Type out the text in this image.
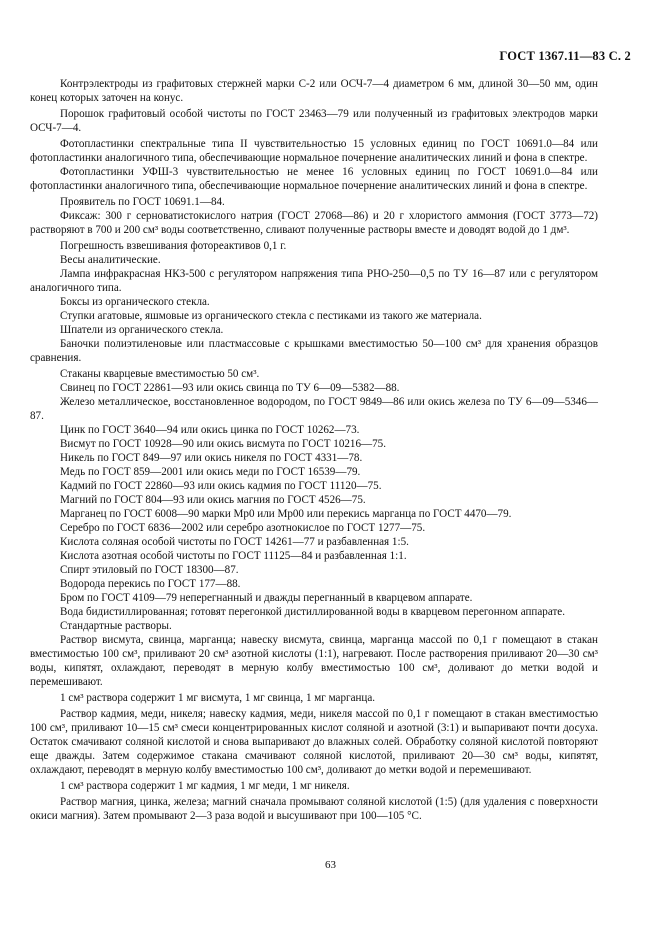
ГОСТ 1367.11—83 С. 2

Контрэлектроды из графитовых стержней марки С-2 или ОСЧ-7—4 диаметром 6 мм, длиной 30—50 мм, один конец которых заточен на конус.

Порошок графитовый особой чистоты по ГОСТ 23463—79 или полученный из графитовых электродов марки ОСЧ-7—4.

Фотопластинки спектральные типа II чувствительностью 15 условных единиц по ГОСТ 10691.0—84 или фотопластинки аналогичного типа, обеспечивающие нормальное почернение аналитических линий и фона в спектре.

Фотопластинки УФШ-3 чувствительностью не менее 16 условных единиц по ГОСТ 10691.0—84 или фотопластинки аналогичного типа, обеспечивающие нормальное почернение аналитических линий и фона в спектре.

Проявитель по ГОСТ 10691.1—84.

Фиксаж: 300 г серноватистокислого натрия (ГОСТ 27068—86) и 20 г хлористого аммония (ГОСТ 3773—72) растворяют в 700 и 200 см³ воды соответственно, сливают полученные растворы вместе и доводят водой до 1 дм³.

Погрешность взвешивания фотореактивов 0,1 г.

Весы аналитические.

Лампа инфракрасная НКЗ-500 с регулятором напряжения типа РНО-250—0,5 по ТУ 16—87 или с регулятором аналогичного типа.

Боксы из органического стекла.

Ступки агатовые, яшмовые из органического стекла с пестиками из такого же материала.

Шпатели из органического стекла.

Баночки полиэтиленовые или пластмассовые с крышками вместимостью 50—100 см³ для хранения образцов сравнения.

Стаканы кварцевые вместимостью 50 см³.

Свинец по ГОСТ 22861—93 или окись свинца по ТУ 6—09—5382—88.

Железо металлическое, восстановленное водородом, по ГОСТ 9849—86 или окись железа по ТУ 6—09—5346—87.

Цинк по ГОСТ 3640—94 или окись цинка по ГОСТ 10262—73.

Висмут по ГОСТ 10928—90 или окись висмута по ГОСТ 10216—75.

Никель по ГОСТ 849—97 или окись никеля по ГОСТ 4331—78.

Медь по ГОСТ 859—2001 или окись меди по ГОСТ 16539—79.

Кадмий по ГОСТ 22860—93 или окись кадмия по ГОСТ 11120—75.

Магний по ГОСТ 804—93 или окись магния по ГОСТ 4526—75.

Марганец по ГОСТ 6008—90 марки Мр0 или Мр00 или перекись марганца по ГОСТ 4470—79.

Серебро по ГОСТ 6836—2002 или серебро азотнокислое по ГОСТ 1277—75.

Кислота соляная особой чистоты по ГОСТ 14261—77 и разбавленная 1:5.

Кислота азотная особой чистоты по ГОСТ 11125—84 и разбавленная 1:1.

Спирт этиловый по ГОСТ 18300—87.

Водорода перекись по ГОСТ 177—88.

Бром по ГОСТ 4109—79 неперегнанный и дважды перегнанный в кварцевом аппарате.

Вода бидистиллированная; готовят перегонкой дистиллированной воды в кварцевом перегонном аппарате.

Стандартные растворы.

Раствор висмута, свинца, марганца; навеску висмута, свинца, марганца массой по 0,1 г помещают в стакан вместимостью 100 см³, приливают 20 см³ азотной кислоты (1:1), нагревают. После растворения приливают 20—30 см³ воды, кипятят, охлаждают, переводят в мерную колбу вместимостью 100 см³, доливают до метки водой и перемешивают.

1 см³ раствора содержит 1 мг висмута, 1 мг свинца, 1 мг марганца.

Раствор кадмия, меди, никеля; навеску кадмия, меди, никеля массой по 0,1 г помещают в стакан вместимостью 100 см³, приливают 10—15 см³ смеси концентрированных кислот соляной и азотной (3:1) и выпаривают почти досуха. Остаток смачивают соляной кислотой и снова выпаривают до влажных солей. Обработку соляной кислотой повторяют еще дважды. Затем содержимое стакана смачивают соляной кислотой, приливают 20—30 см³ воды, кипятят, охлаждают, переводят в мерную колбу вместимостью 100 см³, доливают до метки водой и перемешивают.

1 см³ раствора содержит 1 мг кадмия, 1 мг меди, 1 мг никеля.

Раствор магния, цинка, железа; магний сначала промывают соляной кислотой (1:5) (для удаления с поверхности окиси магния). Затем промывают 2—3 раза водой и высушивают при 100—105 °С.

63
